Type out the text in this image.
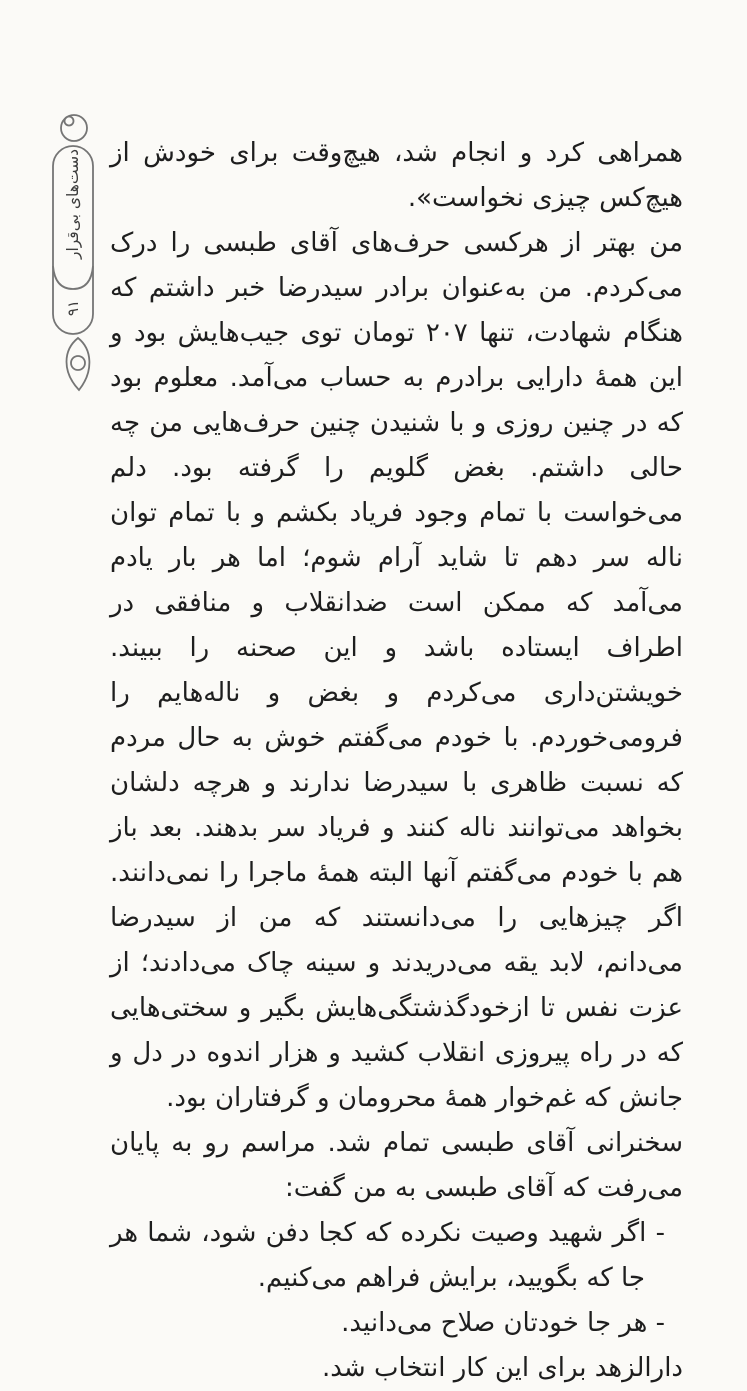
دست‌های بی‌قرار
۹۱

همراهی کرد و انجام شد، هیچ‌وقت برای خودش از هیچ‌کس چیزی نخواست».

من بهتر از هرکسی حرف‌های آقای طبسی را درک می‌کردم. من به‌عنوان برادر سیدرضا خبر داشتم که هنگام شهادت، تنها ۲۰۷ تومان توی جیب‌هایش بود و این همهٔ دارایی برادرم به حساب می‌آمد. معلوم بود که در چنین روزی و با شنیدن چنین حرف‌هایی من چه حالی داشتم. بغض گلویم را گرفته بود. دلم می‌خواست با تمام وجود فریاد بکشم و با تمام توان ناله سر دهم تا شاید آرام شوم؛ اما هر بار یادم می‌آمد که ممکن است ضدانقلاب و منافقی در اطراف ایستاده باشد و این صحنه را ببیند. خویشتن‌داری می‌کردم و بغض و ناله‌هایم را فرومی‌خوردم. با خودم می‌گفتم خوش به حال مردم که نسبت ظاهری با سیدرضا ندارند و هرچه دلشان بخواهد می‌توانند ناله کنند و فریاد سر بدهند. بعد باز هم با خودم می‌گفتم آنها البته همهٔ ماجرا را نمی‌دانند. اگر چیزهایی را می‌دانستند که من از سیدرضا می‌دانم، لابد یقه می‌دریدند و سینه چاک می‌دادند؛ از عزت نفس تا ازخودگذشتگی‌هایش بگیر و سختی‌هایی که در راه پیروزی انقلاب کشید و هزار اندوه در دل و جانش که غم‌خوار همهٔ محرومان و گرفتاران بود.

سخنرانی آقای طبسی تمام شد. مراسم رو به پایان می‌رفت که آقای طبسی به من گفت:

- اگر شهید وصیت نکرده که کجا دفن شود، شما هر جا که بگویید، برایش فراهم می‌کنیم.

- هر جا خودتان صلاح می‌دانید.

دارالزهد برای این کار انتخاب شد.
